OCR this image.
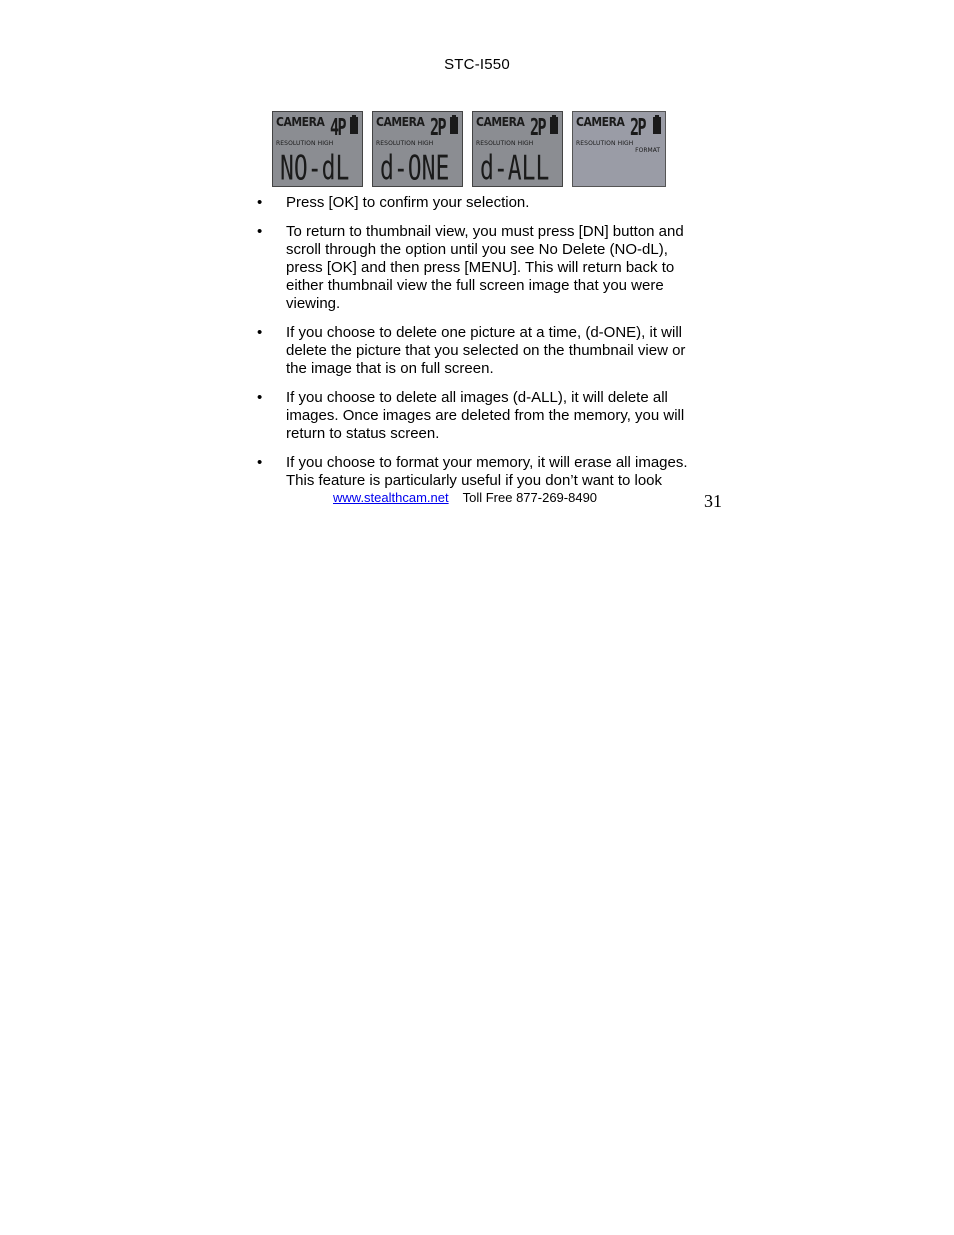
STC-I550
CAMERA 4P
RESOLUTION HIGH
NO-dL
CAMERA 2P
RESOLUTION HIGH
d-ONE
CAMERA 2P
RESOLUTION HIGH
d-ALL
CAMERA 2P
RESOLUTION HIGH
FORMAT
• Press [OK] to confirm your selection.
• To return to thumbnail view, you must press [DN] button and scroll through the option until you see No Delete (NO-dL), press [OK] and then press [MENU]. This will return back to either thumbnail view the full screen image that you were viewing.
• If you choose to delete one picture at a time, (d-ONE), it will delete the picture that you selected on the thumbnail view or the image that is on full screen.
• If you choose to delete all images (d-ALL), it will delete all images. Once images are deleted from the memory, you will return to status screen.
• If you choose to format your memory, it will erase all images. This feature is particularly useful if you don’t want to look
www.stealthcam.net Toll Free 877-269-8490	31
